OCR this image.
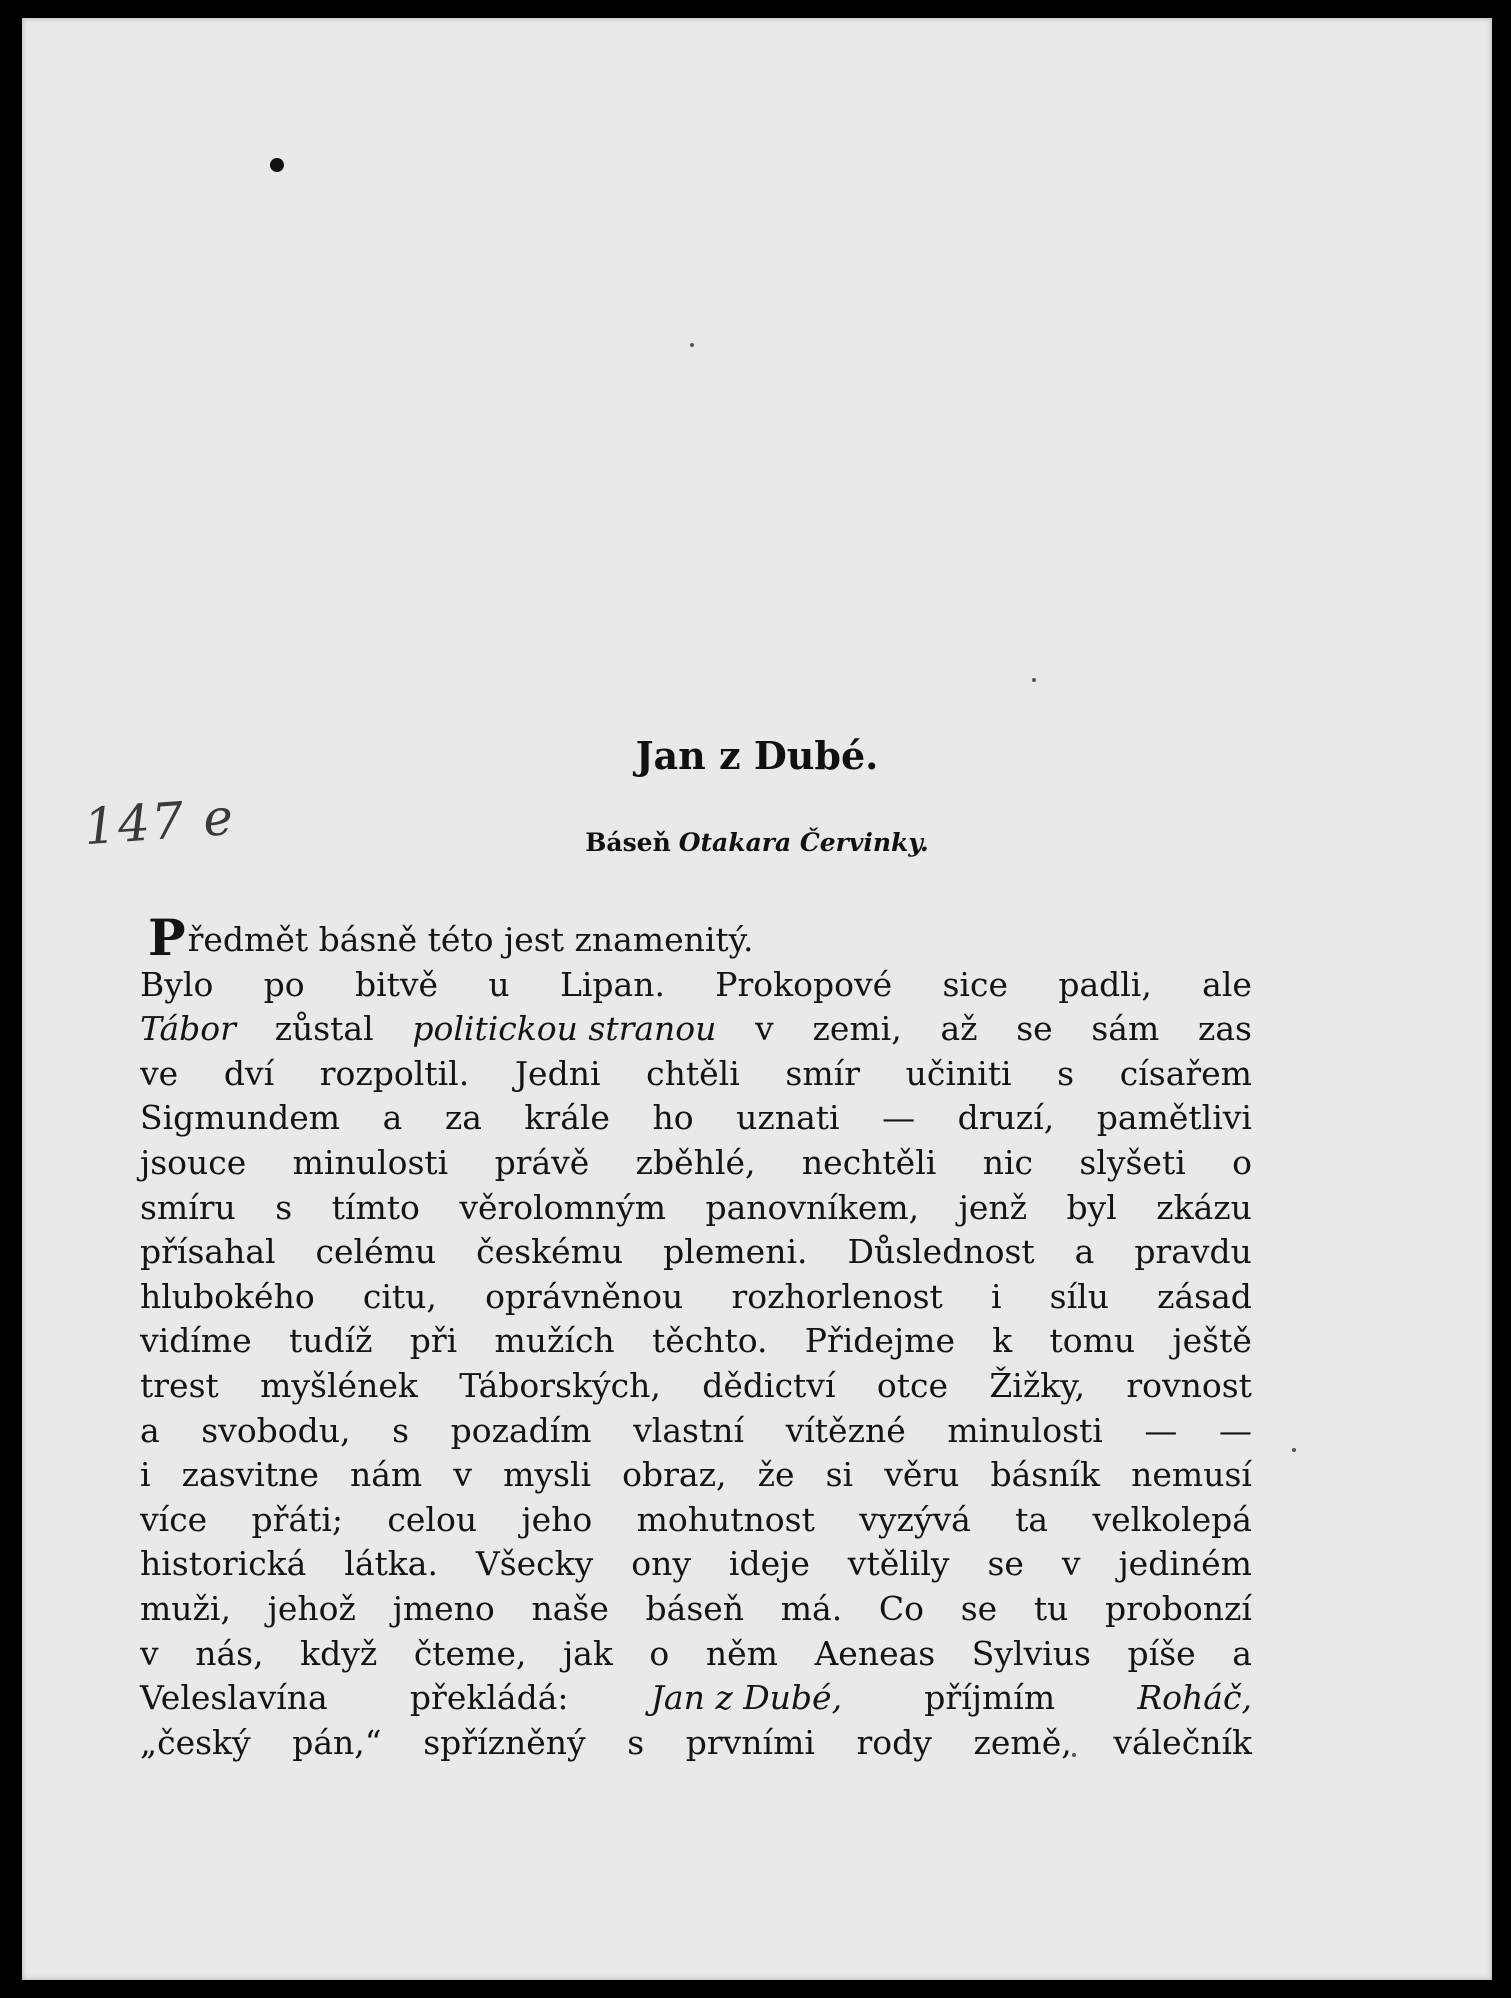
147 e
Jan z Dubé.
Báseň Otakara Červinky.
P ředmět básně této jest znamenitý.
Bylo po bitvě u Lipan. Prokopové sice padli, ale
Tábor zůstal politickou stranou v zemi, až se sám zas
ve dví rozpoltil. Jedni chtěli smír učiniti s císařem
Sigmundem a za krále ho uznati — druzí, pamětlivi
jsouce minulosti právě zběhlé, nechtěli nic slyšeti o
smíru s tímto věrolomným panovníkem, jenž byl zkázu
přísahal celému českému plemeni. Důslednost a pravdu
hlubokého citu, oprávněnou rozhorlenost i sílu zásad
vidíme tudíž při mužích těchto. Přidejme k tomu ještě
trest myšlének Táborských, dědictví otce Žižky, rovnost
a svobodu, s pozadím vlastní vítězné minulosti — —
i zasvitne nám v mysli obraz, že si věru básník nemusí
více přáti; celou jeho mohutnost vyzývá ta velkolepá
historická látka. Všecky ony ideje vtělily se v jediném
muži, jehož jmeno naše báseň má. Co se tu probonzí
v nás, když čteme, jak o něm Aeneas Sylvius píše a
Veleslavína překládá: Jan z Dubé, příjmím Roháč,
„český pán,“ spřízněný s prvními rody země, válečník
